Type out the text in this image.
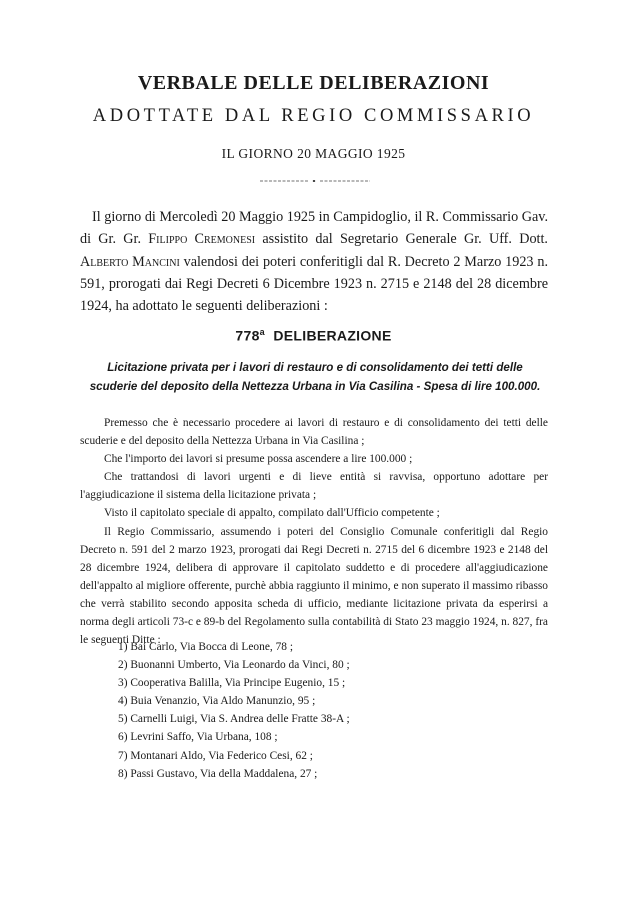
VERBALE DELLE DELIBERAZIONI
ADOTTATE DAL REGIO COMMISSARIO
IL GIORNO 20 MAGGIO 1925

Il giorno di Mercoledì 20 Maggio 1925 in Campidoglio, il R. Commissario Gav. di Gr. Gr. Filippo Cremonesi assistito dal Segretario Generale Gr. Uff. Dott. Alberto Mancini valendosi dei poteri conferitigli dal R. Decreto 2 Marzo 1923 n. 591, prorogati dai Regi Decreti 6 Dicembre 1923 n. 2715 e 2148 del 28 dicembre 1924, ha adottato le seguenti deliberazioni :

778$^a$ DELIBERAZIONE
Licitazione privata per i lavori di restauro e di consolidamento dei tetti delle scuderie del deposito della Nettezza Urbana in Via Casilina - Spesa di lire 100.000.

Premesso che è necessario procedere ai lavori di restauro e di consolidamento dei tetti delle scuderie e del deposito della Nettezza Urbana in Via Casilina ;

Che l'importo dei lavori si presume possa ascendere a lire 100.000 ;

Che trattandosi di lavori urgenti e di lieve entità si ravvisa, opportuno adottare per l'aggiudicazione il sistema della licitazione privata ;

Visto il capitolato speciale di appalto, compilato dall'Ufficio competente ;

Il Regio Commissario, assumendo i poteri del Consiglio Comunale conferitigli dal Regio Decreto n. 591 del 2 marzo 1923, prorogati dai Regi Decreti n. 2715 del 6 dicembre 1923 e 2148 del 28 dicembre 1924, delibera di approvare il capitolato suddetto e di procedere all'aggiudicazione dell'appalto al migliore offerente, purchè abbia raggiunto il minimo, e non superato il massimo ribasso che verrà stabilito secondo apposita scheda di ufficio, mediante licitazione privata da esperirsi a norma degli articoli 73-c e 89-b del Regolamento sulla contabilità di Stato 23 maggio 1924, n. 827, fra le seguenti Ditte :

1) Bai Carlo, Via Bocca di Leone, 78 ;
2) Buonanni Umberto, Via Leonardo da Vinci, 80 ;
3) Cooperativa Balilla, Via Principe Eugenio, 15 ;
4) Buia Venanzio, Via Aldo Manunzio, 95 ;
5) Carnelli Luigi, Via S. Andrea delle Fratte 38-A ;
6) Levrini Saffo, Via Urbana, 108 ;
7) Montanari Aldo, Via Federico Cesi, 62 ;
8) Passi Gustavo, Via della Maddalena, 27 ;
